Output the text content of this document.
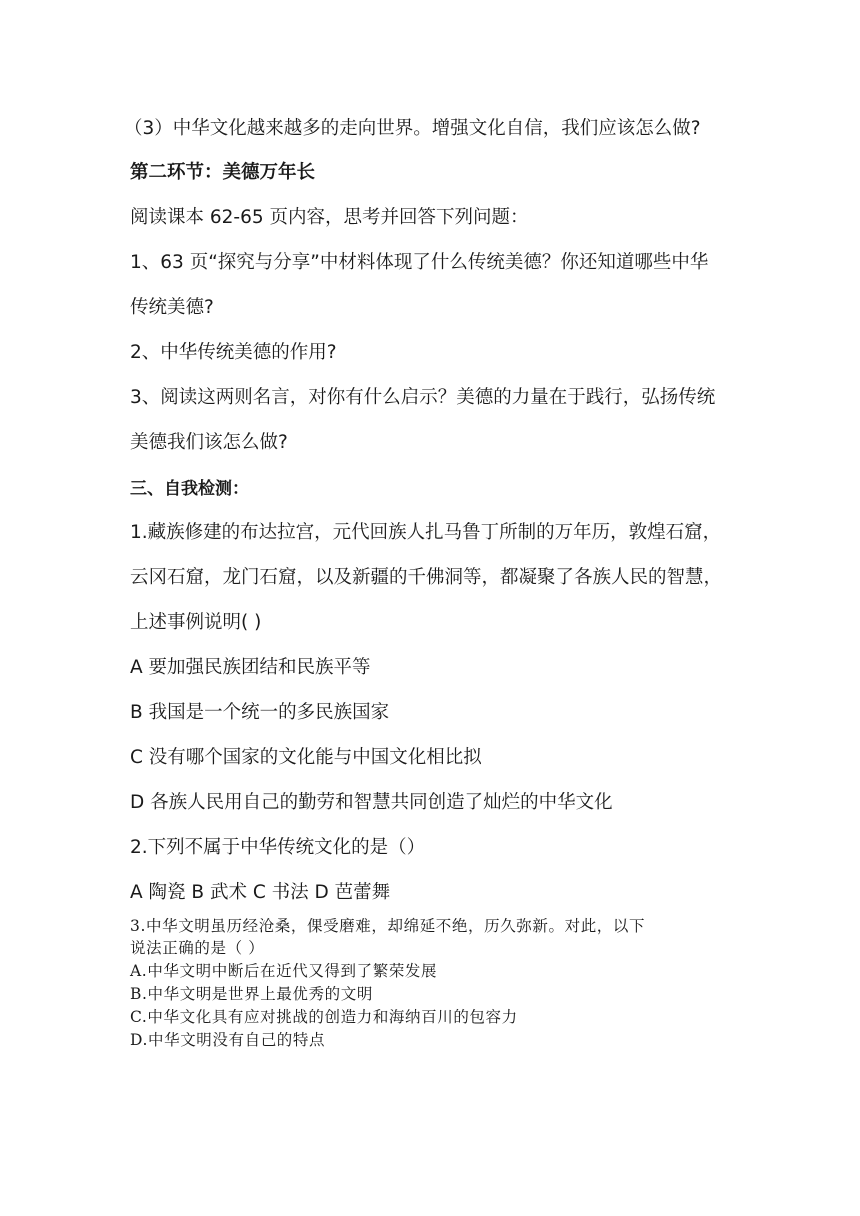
（3）中华文化越来越多的走向世界。增强文化自信，我们应该怎么做?
第二环节：美德万年长
阅读课本 62-65 页内容，思考并回答下列问题：
1、63 页“探究与分享”中材料体现了什么传统美德？你还知道哪些中华
传统美德?
2、中华传统美德的作用?
3、阅读这两则名言，对你有什么启示？美德的力量在于践行，弘扬传统
美德我们该怎么做?
三、自我检测：
1.藏族修建的布达拉宫，元代回族人扎马鲁丁所制的万年历，敦煌石窟，
云冈石窟，龙门石窟，以及新疆的千佛洞等，都凝聚了各族人民的智慧，
上述事例说明( )
A 要加强民族团结和民族平等
B 我国是一个统一的多民族国家
C 没有哪个国家的文化能与中国文化相比拟
D 各族人民用自己的勤劳和智慧共同创造了灿烂的中华文化
2.下列不属于中华传统文化的是（）
A 陶瓷 B 武术 C 书法 D 芭蕾舞
3.中华文明虽历经沧桑，倮受磨难，却绵延不绝，历久弥新。对此，以下
说法正确的是（ ）
A.中华文明中断后在近代又得到了繁荣发展
B.中华文明是世界上最优秀的文明
C.中华文化具有应对挑战的创造力和海纳百川的包容力
D.中华文明没有自己的特点
